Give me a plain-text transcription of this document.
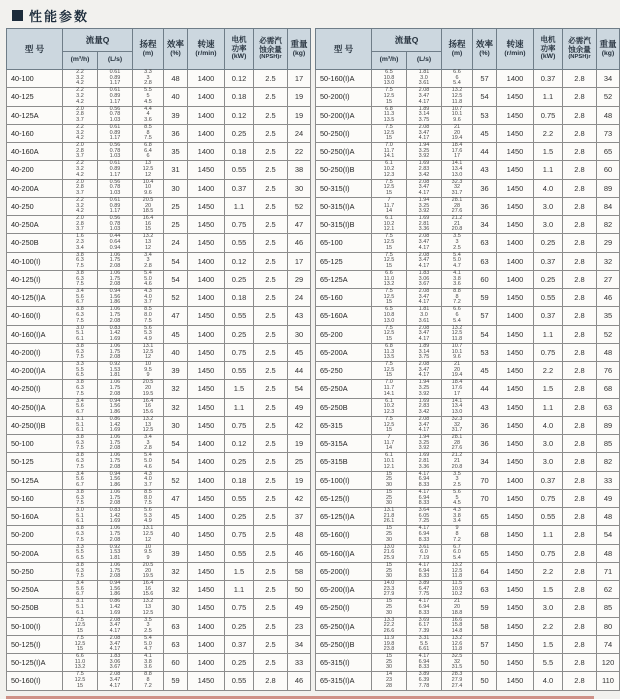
性能参数
型 号	流量Q		扬程
(m)	效率
(%)	转速
(r/min)	电机
功率
(kW)	必需汽
蚀余量
(NPSH)r	重量
(kg)

	(m³/h)	(L/s)						

40-100	2.2
3.2
4.2	0.61
0.89
1.17	3.3
3
2.8	48	1400	0.12	2.5	17
40-125	2.2
3.2
4.2	0.61
0.89
1.17	5.5
5
4.5	40	1400	0.18	2.5	19
40-125A	2.0
2.8
3.7	0.56
0.78
1.03	4.4
4
3.6	39	1400	0.12	2.5	19
40-160	2.2
3.2
4.2	0.61
0.89
1.17	8.5
8
7.5	36	1400	0.25	2.5	24
40-160A	2.0
2.8
3.7	0.56
0.78
1.03	6.8
6.4
6	35	1400	0.18	2.5	22
40-200	2.2
3.2
4.2	0.61
0.89
1.17	13
12.5
12	31	1450	0.55	2.5	38
40-200A	2.0
2.8
3.7	0.56
0.78
1.03	10.4
10
9.6	30	1400	0.37	2.5	30
40-250	2.2
3.2
4.2	0.61
0.89
1.17	20.5
20
18.5	25	1450	1.1	2.5	52
40-250A	2.0
2.8
3.7	0.56
0.78
1.03	16.4
16
15	25	1450	0.75	2.5	47
40-250B	1.6
2.3
3.4	0.44
0.64
0.94	13.2
13
12	24	1450	0.55	2.5	46
40-100(I)	3.8
6.3
7.5	1.06
1.75
2.08	3.4
3
2.8	54	1400	0.12	2.5	17
40-125(I)	3.8
6.3
7.5	1.06
1.75
2.08	5.4
5.0
4.6	54	1400	0.25	2.5	29
40-125(I)A	3.4
5.6
6.7	0.94
1.56
1.86	4.3
4.0
3.7	52	1400	0.18	2.5	24
40-160(I)	3.8
6.3
7.5	1.06
1.75
2.08	8.5
8.0
7.5	47	1450	0.55	2.5	43
40-160(I)A	3.0
5.1
6.1	0.83
1.42
1.69	5.6
5.3
4.9	45	1400	0.25	2.5	30
40-200(I)	3.8
6.3
7.5	1.06
1.75
2.08	13.1
12.5
12	40	1450	0.75	2.5	45
40-200(I)A	3.3
5.5
6.5	0.92
1.53
1.81	10
9.5
9	39	1450	0.55	2.5	44
40-250(I)	3.8
6.3
7.5	1.06
1.75
2.08	20.5
20
19.5	32	1450	1.5	2.5	54
40-250(I)A	3.4
5.6
6.7	0.94
1.56
1.86	16.4
16
15.6	32	1450	1.1	2.5	49
40-250(I)B	3.1
5.1
6.1	0.86
1.42
1.69	13.2
13
12.5	30	1450	0.75	2.5	42
50-100	3.8
6.3
7.5	1.06
1.75
2.08	3.4
3
2.8	54	1400	0.12	2.5	19
50-125	3.8
6.3
7.5	1.06
1.75
2.08	5.4
5.0
4.6	54	1400	0.25	2.5	25
50-125A	3.4
5.6
6.7	0.94
1.56
1.86	4.3
4.0
3.7	52	1400	0.18	2.5	19
50-160	3.8
6.3
7.5	1.06
1.75
2.08	8.5
8.0
7.5	47	1450	0.55	2.5	42
50-160A	3.0
5.1
6.1	0.83
1.42
1.69	5.6
5.3
4.9	45	1400	0.25	2.5	37
50-200	3.8
6.3
7.5	1.06
1.75
2.08	13.1
12.5
12	40	1450	0.75	2.5	48
50-200A	3.3
5.5
6.5	0.92
1.53
1.81	10
9.5
9	39	1450	0.55	2.5	46
50-250	3.8
6.3
7.5	1.06
1.75
2.08	20.5
20
19.5	32	1450	1.5	2.5	58
50-250A	3.4
5.6
6.7	0.94
1.56
1.86	16.4
16
15.6	32	1450	1.1	2.5	50
50-250B	3.1
5.1
6.1	0.86
1.42
1.69	13.2
13
12.5	30	1450	0.75	2.5	49
50-100(I)	7.5
12.5
15	2.08
3.47
4.17	3.5
3
2.5	63	1400	0.25	2.5	23
50-125(I)	7.5
12.5
15	2.08
3.47
4.17	5.4
5.0
4.7	63	1400	0.37	2.5	34
50-125(I)A	6.6
11.0
13.2	1.83
3.06
3.67	4.1
3.8
3.6	60	1400	0.25	2.5	33
50-160(I)	7.5
12.5
15	2.08
3.47
4.17	8.8
8
7.2	59	1450	0.55	2.8	46
型 号	流量Q		扬程
(m)	效率
(%)	转速
(r/min)	电机
功率
(kW)	必需汽
蚀余量
(NPSH)r	重量
(kg)

	(m³/h)	(L/s)						

50-160(I)A	6.5
10.8
13.0	1.81
3.0
3.61	6.6
6
5.4	57	1400	0.37	2.8	34
50-200(I)	7.5
12.5
15	2.08
3.47
4.17	13.2
12.5
11.8	54	1450	1.1	2.8	52
50-200(I)A	6.8
11.3
13.5	1.89
3.14
3.75	10.7
10.1
9.6	53	1450	0.75	2.8	48
50-250(I)	7.5
12.5
15	2.08
3.47
4.17	21
20
19.4	45	1450	2.2	2.8	73
50-250(I)A	7.0
11.7
14.1	1.94
3.25
3.92	18.4
17.6
17	44	1450	1.5	2.8	65
50-250(I)B	6.1
10.2
12.3	1.69
2.83
3.42	14.1
13.4
13.0	43	1450	1.1	2.8	60
50-315(I)	7.5
12.5
15	2.08
3.47
4.17	32.3
32
31.7	36	1450	4.0	2.8	89
50-315(I)A	7
11.7
14	1.94
3.25
3.92	28.1
28
27.6	36	1450	3.0	2.8	84
50-315(I)B	6.1
10.2
12.1	1.69
2.81
3.36	21.2
21
20.8	34	1450	3.0	2.8	82
65-100	7.5
12.5
15	2.08
3.47
4.17	3.5
3
2.5	63	1400	0.25	2.8	29
65-125	7.5
12.5
15	2.08
3.47
4.17	5.4
5.0
4.7	63	1400	0.37	2.8	32
65-125A	6.6
11.0
13.2	1.83
3.06
3.67	4.1
3.8
3.6	60	1400	0.25	2.8	27
65-160	7.5
12.5
15	2.08
3.47
4.17	8.8
8
7.2	59	1450	0.55	2.8	46
65-160A	6.5
10.8
13.0	1.81
3.0
3.61	6.6
6
5.4	57	1400	0.37	2.8	35
65-200	7.5
12.5
15	2.08
3.47
4.17	13.2
12.5
11.8	54	1450	1.1	2.8	52
65-200A	6.8
11.3
13.5	1.89
3.14
3.75	10.7
10.1
9.6	53	1450	0.75	2.8	48
65-250	7.5
12.5
15	2.08
3.47
4.17	21
20
19.4	45	1450	2.2	2.8	76
65-250A	7.0
11.7
14.1	1.94
3.25
3.92	18.4
17.6
17	44	1450	1.5	2.8	68
65-250B	6.1
10.2
12.3	1.69
2.83
3.42	14.1
13.4
13.0	43	1450	1.1	2.8	63
65-315	7.5
12.5
15	2.08
3.47
4.17	32.3
32
31.7	36	1450	4.0	2.8	89
65-315A	7
11.7
14	1.94
3.25
3.92	28.1
28
27.6	36	1450	3.0	2.8	85
65-315B	6.1
10.1
12.1	1.69
2.81
3.36	21.2
21
20.8	34	1450	3.0	2.8	82
65-100(I)	15
25
30	4.17
6.94
8.33	3.5
3
2.5	70	1400	0.37	2.8	33
65-125(I)	15
25
30	4.17
6.94
8.33	5.6
5
4.5	70	1450	0.75	2.8	49
65-125(I)A	13.1
21.8
26.1	3.64
6.05
7.25	4.3
3.8
3.4	65	1450	0.55	2.8	48
65-160(I)	15
25
30	4.17
6.94
8.33	9
8
7.2	68	1450	1.1	2.8	54
65-160(I)A	13.0
21.6
25.9	3.61
6.0
7.19	6.7
6.0
5.4	65	1450	0.75	2.8	48
65-200(I)	15
25
30	4.17
6.94
8.33	13.2
12.5
11.8	64	1450	2.2	2.8	71
65-200(I)A	14.0
23.3
27.9	3.89
6.47
7.75	11.5
10.9
10.2	63	1450	1.5	2.8	62
65-250(I)	15
25
30	4.17
6.94
8.33	21
20
18.8	59	1450	3.0	2.8	85
65-250(I)A	13.3
22.2
26.6	3.69
6.17
7.39	16.6
15.8
14.8	58	1450	2.2	2.8	80
65-250(I)B	11.9
19.8
23.8	3.31
5.5
6.61	13.2
12.6
11.8	57	1450	1.5	2.8	74
65-315(I)	15
25
30	4.17
6.94
8.33	32.5
32
31.5	50	1450	5.5	2.8	120
65-315(I)A	14
23
28	3.89
6.39
7.78	28.3
27.9
27.4	50	1450	4.0	2.8	110
